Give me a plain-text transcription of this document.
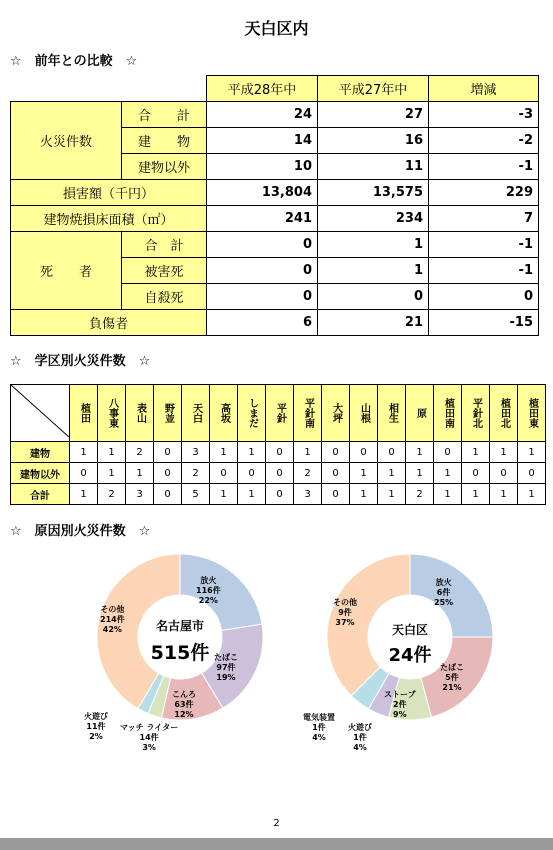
天白区内
☆　前年との比較　☆
		平成28年中	平成27年中	増減
火災件数	合　　計	24	27	-3
	建　　物	14	16	-2
	建物以外	10	11	-1
損害額（千円）		13,804	13,575	229
建物焼損床面積（㎡）		241	234	7
死　　者	合　計	0	1	-1
	被害死	0	1	-1
	自殺死	0	0	0
負傷者		6	21	-15
☆　学区別火災件数　☆
	植田	八事東	表山	野並	天白	高坂	しまだ	平針	平針南	大坪	山根	相生	原	植田南	平針北	植田北	植田東
建物	1	1	2	0	3	1	1	0	1	0	0	0	1	0	1	1	1
建物以外	0	1	1	0	2	0	0	0	2	0	1	1	1	1	0	0	0
合計	1	2	3	0	5	1	1	0	3	0	1	1	2	1	1	1	1
☆　原因別火災件数　☆
名古屋市
515件
天白区
24件
放火
116件
22%
たばこ
97件
19%
こんろ
63件
12%
マッチ ライター
14件
3%
火遊び
11件
2%
その他
214件
42%
放火
6件
25%
たばこ
5件
21%
ストーブ
2件
9%
火遊び
1件
4%
電気装置
1件
4%
その他
9件
37%
2
